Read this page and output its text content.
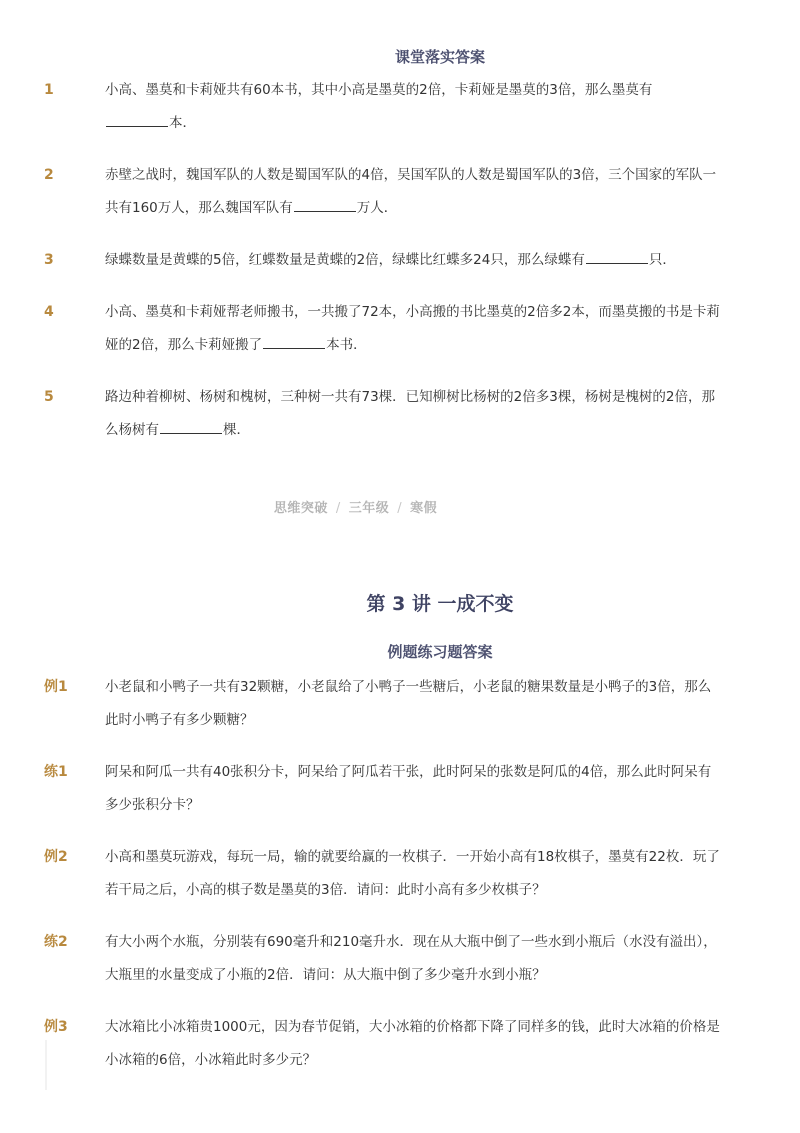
课堂落实答案
1	小高、墨莫和卡莉娅共有60本书，其中小高是墨莫的2倍，卡莉娅是墨莫的3倍，那么墨莫有
本．
2	赤壁之战时，魏国军队的人数是蜀国军队的4倍，吴国军队的人数是蜀国军队的3倍，三个国家的军队一共有160万人，那么魏国军队有	万人．
3	绿蝶数量是黄蝶的5倍，红蝶数量是黄蝶的2倍，绿蝶比红蝶多24只，那么绿蝶有	只．
4	小高、墨莫和卡莉娅帮老师搬书，一共搬了72本，小高搬的书比墨莫的2倍多2本，而墨莫搬的书是卡莉娅的2倍，那么卡莉娅搬了	本书．
5	路边种着柳树、杨树和槐树，三种树一共有73棵．已知柳树比杨树的2倍多3棵，杨树是槐树的2倍，那么杨树有	棵．
思维突破 / 三年级 / 寒假
第 3 讲 一成不变
例题练习题答案
例1	小老鼠和小鸭子一共有32颗糖，小老鼠给了小鸭子一些糖后，小老鼠的糖果数量是小鸭子的3倍，那么此时小鸭子有多少颗糖？
练1	阿呆和阿瓜一共有40张积分卡，阿呆给了阿瓜若干张，此时阿呆的张数是阿瓜的4倍，那么此时阿呆有多少张积分卡？
例2	小高和墨莫玩游戏，每玩一局，输的就要给赢的一枚棋子．一开始小高有18枚棋子，墨莫有22枚．玩了若干局之后，小高的棋子数是墨莫的3倍．请问：此时小高有多少枚棋子？
练2	有大小两个水瓶，分别装有690毫升和210毫升水．现在从大瓶中倒了一些水到小瓶后（水没有溢出），大瓶里的水量变成了小瓶的2倍．请问：从大瓶中倒了多少毫升水到小瓶？
例3	大冰箱比小冰箱贵1000元，因为春节促销，大小冰箱的价格都下降了同样多的钱，此时大冰箱的价格是小冰箱的6倍，小冰箱此时多少元？
